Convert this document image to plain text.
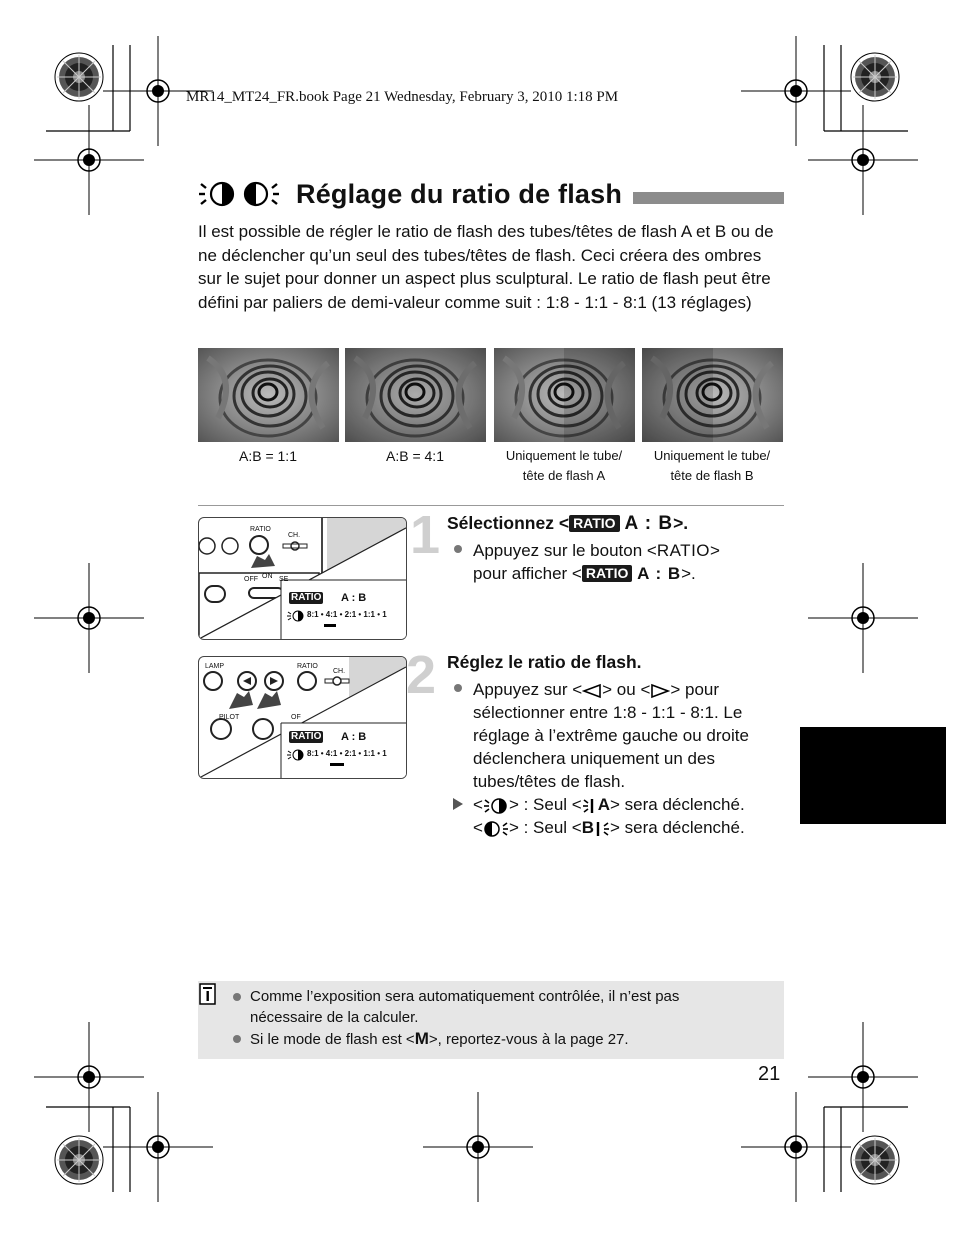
MR14_MT24_FR.book Page 21 Wednesday, February 3, 2010 1:18 PM
Réglage du ratio de flash
Il est possible de régler le ratio de flash des tubes/têtes de flash A et B ou de ne déclencher qu’un seul des tubes/têtes de flash. Ceci créera des ombres sur le sujet pour donner un aspect plus sculptural. Le ratio de flash peut être défini par paliers de demi-valeur comme suit : 1:8 - 1:1 - 8:1 (13 réglages)
A:B = 1:1	A:B = 4:1	Uniquement le tube/
tête de flash A
Uniquement le tube/
tête de flash B
RATIO
CH.
OFF ON SE
RATIO A : B
8:1 • 4:1 • 2:1 • 1:1 • 1
LAMP	RATIO
CH.
PILOT	OF
RATIO A : B
8:1 • 4:1 • 2:1 • 1:1 • 1
1
2
Sélectionnez < RATIO A : B>.
Appuyez sur le bouton <RATIO>
pour afficher < RATIO A : B>.
Réglez le ratio de flash.
Appuyez sur < > ou < > pour sélectionner entre 1:8 - 1:1 - 8:1. Le réglage à l’extrême gauche ou droite déclenchera uniquement un des tubes/têtes de flash.
< > : Seul < A> sera déclenché.
< > : Seul <B > sera déclenché.
Comme l’exposition sera automatiquement contrôlée, il n’est pas nécessaire de la calculer.
Si le mode de flash est <M>, reportez-vous à la page 27.
21
